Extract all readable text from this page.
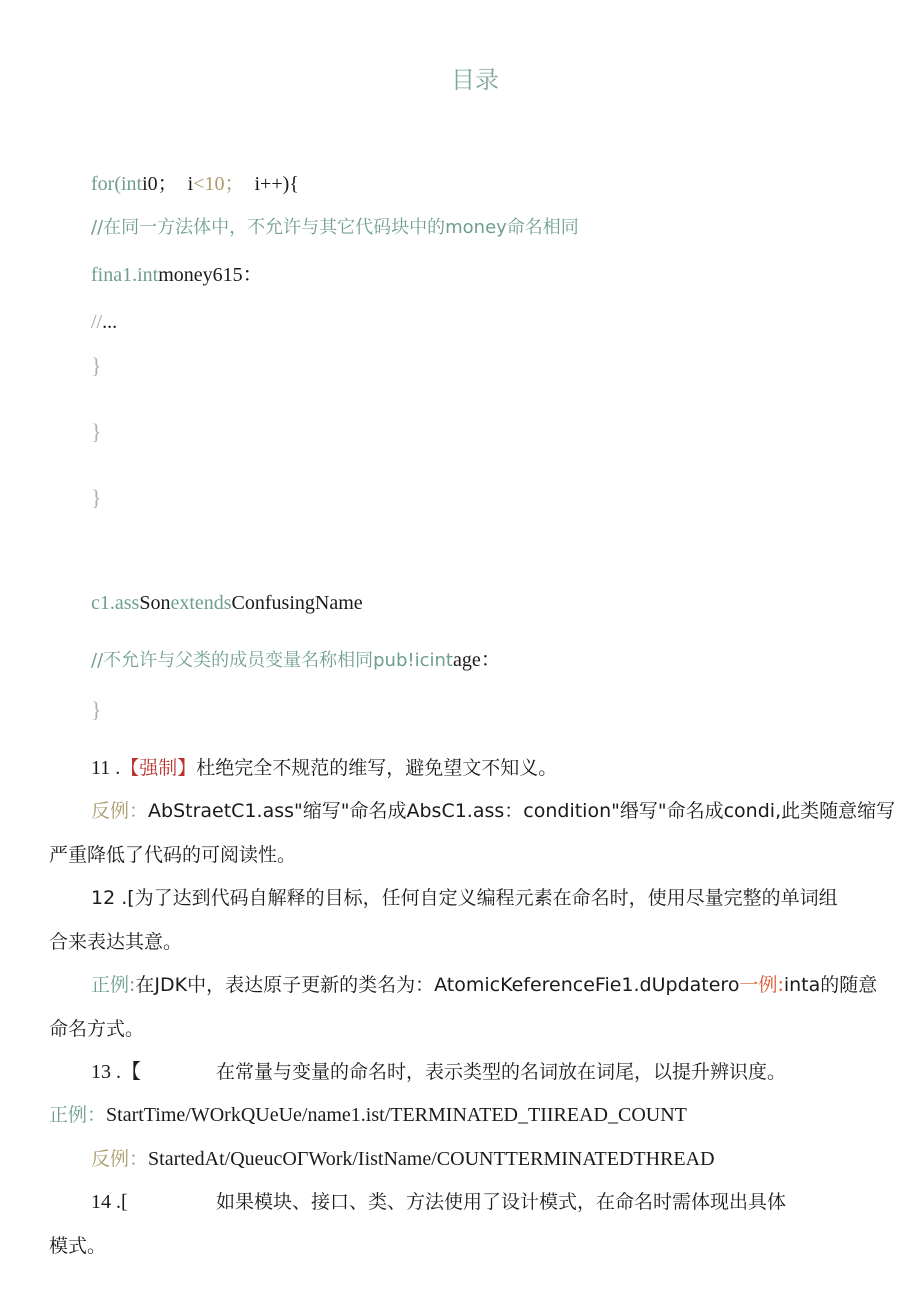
目录
for(inti0； i<10； i++){
//在同一方法体中，不允许与其它代码块中的money命名相同
fina1.intmoney615：
//...
}
}
}
c1.assSonextendsConfusingName
//不允许与父类的成员变量名称相同pub!icintage：
}
11 .【强制】杜绝完全不规范的维写，避免望文不知义。
反例：AbStraetC1.ass"缩写"命名成AbsC1.ass：condition"缗写"命名成condi,此类随意缩写
严重降低了代码的可阅读性。
12 .[为了达到代码自解释的目标，任何自定义编程元素在命名时，使用尽量完整的单词组
合来表达其意。
正例:在JDK中，表达原子更新的类名为：AtomicKeferenceFie1.dUpdatero一例:inta的随意
命名方式。
13 .【	在常量与变量的命名时，表示类型的名词放在词尾，以提升辨识度。
正例：StartTime/WOrkQUeUe/name1.ist/TERMINATED_TIIREAD_COUNT
反例：StartedAt/QueucOΓWork/IistName/COUNTTERMINATEDTHREAD
14 .[	如果模块、接口、类、方法使用了设计模式，在命名时需体现出具体
模式。
